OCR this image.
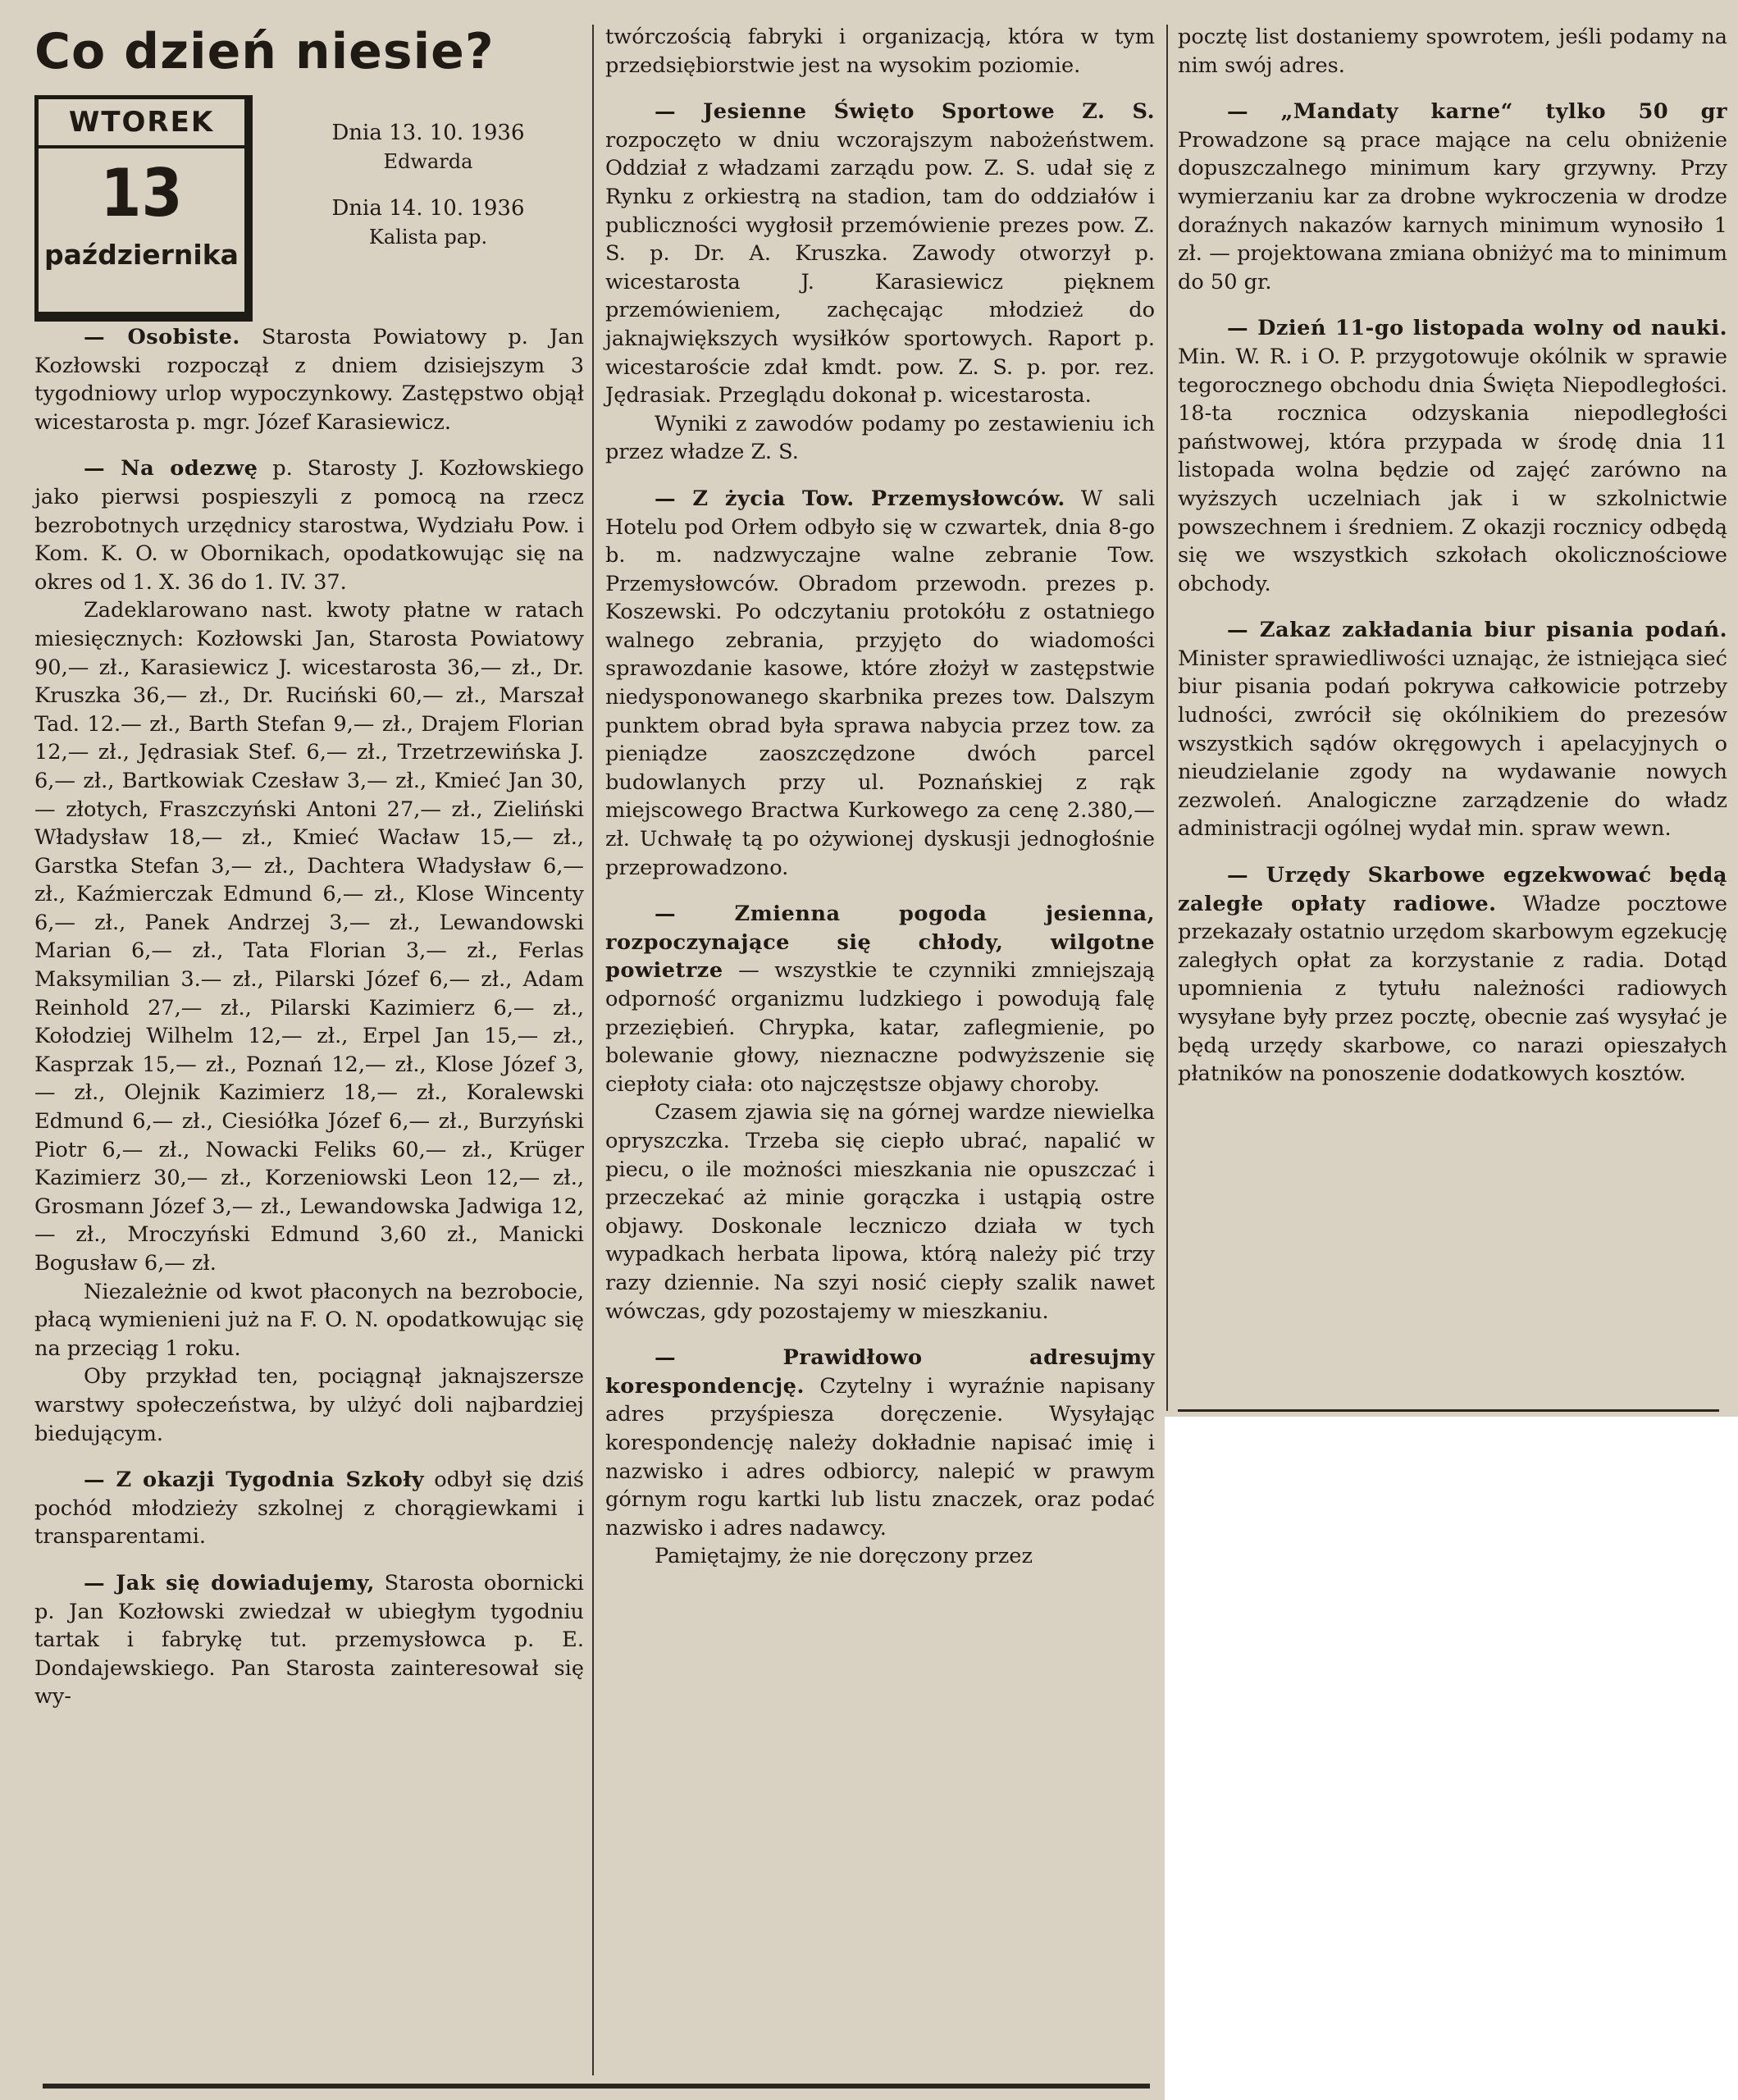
Co dzień niesie?
WTOREK
13
października
Dnia 13. 10. 1936
Edwarda
Dnia 14. 10. 1936
Kalista pap.

— Osobiste. Starosta Powiatowy p. Jan Kozłowski rozpoczął z dniem dzisiejszym 3 tygodniowy urlop wypoczynkowy. Zastępstwo objął wicestarosta p. mgr. Józef Karasiewicz.

— Na odezwę p. Starosty J. Kozłowskiego jako pierwsi pospieszyli z pomocą na rzecz bezrobotnych urzędnicy starostwa, Wydziału Pow. i Kom. K. O. w Obornikach, opodatkowując się na okres od 1. X. 36 do 1. IV. 37.

Zadeklarowano nast. kwoty płatne w ratach miesięcznych: Kozłowski Jan, Starosta Powiatowy 90,— zł., Karasiewicz J. wicestarosta 36,— zł., Dr. Kruszka 36,— zł., Dr. Ruciński 60,— zł., Marszał Tad. 12.— zł., Barth Stefan 9,— zł., Drajem Florian 12,— zł., Jędrasiak Stef. 6,— zł., Trzetrzewińska J. 6,— zł., Bartkowiak Czesław 3,— zł., Kmieć Jan 30,— złotych, Fraszczyński Antoni 27,— zł., Zieliński Władysław 18,— zł., Kmieć Wacław 15,— zł., Garstka Stefan 3,— zł., Dachtera Władysław 6,— zł., Kaźmierczak Edmund 6,— zł., Klose Wincenty 6,— zł., Panek Andrzej 3,— zł., Lewandowski Marian 6,— zł., Tata Florian 3,— zł., Ferlas Maksymilian 3.— zł., Pilarski Józef 6,— zł., Adam Reinhold 27,— zł., Pilarski Kazimierz 6,— zł., Kołodziej Wilhelm 12,— zł., Erpel Jan 15,— zł., Kasprzak 15,— zł., Poznań 12,— zł., Klose Józef 3,— zł., Olejnik Kazimierz 18,— zł., Koralewski Edmund 6,— zł., Ciesiółka Józef 6,— zł., Burzyński Piotr 6,— zł., Nowacki Feliks 60,— zł., Krüger Kazimierz 30,— zł., Korzeniowski Leon 12,— zł., Grosmann Józef 3,— zł., Lewandowska Jadwiga 12,— zł., Mroczyński Edmund 3,60 zł., Manicki Bogusław 6,— zł.

Niezależnie od kwot płaconych na bezrobocie, płacą wymienieni już na F. O. N. opodatkowując się na przeciąg 1 roku.

Oby przykład ten, pociągnął jaknajszersze warstwy społeczeństwa, by ulżyć doli najbardziej biedującym.

— Z okazji Tygodnia Szkoły odbył się dziś pochód młodzieży szkolnej z chorągiewkami i transparentami.

— Jak się dowiadujemy, Starosta obornicki p. Jan Kozłowski zwiedzał w ubiegłym tygodniu tartak i fabrykę tut. przemysłowca p. E. Dondajewskiego. Pan Starosta zainteresował się wy-

twórczością fabryki i organizacją, która w tym przedsiębiorstwie jest na wysokim poziomie.

— Jesienne Święto Sportowe Z. S. rozpoczęto w dniu wczorajszym nabożeństwem. Oddział z władzami zarządu pow. Z. S. udał się z Rynku z orkiestrą na stadion, tam do oddziałów i publiczności wygłosił przemówienie prezes pow. Z. S. p. Dr. A. Kruszka. Zawody otworzył p. wicestarosta J. Karasiewicz pięknem przemówieniem, zachęcając młodzież do jaknajwiększych wysiłków sportowych. Raport p. wicestaroście zdał kmdt. pow. Z. S. p. por. rez. Jędrasiak. Przeglądu dokonał p. wicestarosta.

Wyniki z zawodów podamy po zestawieniu ich przez władze Z. S.

— Z życia Tow. Przemysłowców. W sali Hotelu pod Orłem odbyło się w czwartek, dnia 8-go b. m. nadzwyczajne walne zebranie Tow. Przemysłowców. Obradom przewodn. prezes p. Koszewski. Po odczytaniu protokółu z ostatniego walnego zebrania, przyjęto do wiadomości sprawozdanie kasowe, które złożył w zastępstwie niedysponowanego skarbnika prezes tow. Dalszym punktem obrad była sprawa nabycia przez tow. za pieniądze zaoszczędzone dwóch parcel budowlanych przy ul. Poznańskiej z rąk miejscowego Bractwa Kurkowego za cenę 2.380,— zł. Uchwałę tą po ożywionej dyskusji jednogłośnie przeprowadzono.

— Zmienna pogoda jesienna, rozpoczynające się chłody, wilgotne powietrze — wszystkie te czynniki zmniejszają odporność organizmu ludzkiego i powodują falę przeziębień. Chrypka, katar, zaflegmienie, po bolewanie głowy, nieznaczne podwyższenie się ciepłoty ciała: oto najczęstsze objawy choroby.

Czasem zjawia się na górnej wardze niewielka opryszczka. Trzeba się ciepło ubrać, napalić w piecu, o ile możności mieszkania nie opuszczać i przeczekać aż minie gorączka i ustąpią ostre objawy. Doskonale leczniczo działa w tych wypadkach herbata lipowa, którą należy pić trzy razy dziennie. Na szyi nosić ciepły szalik nawet wówczas, gdy pozostajemy w mieszkaniu.

— Prawidłowo adresujmy korespondencję. Czytelny i wyraźnie napisany adres przyśpiesza doręczenie. Wysyłając korespondencję należy dokładnie napisać imię i nazwisko i adres odbiorcy, nalepić w prawym górnym rogu kartki lub listu znaczek, oraz podać nazwisko i adres nadawcy.

Pamiętajmy, że nie doręczony przez

pocztę list dostaniemy spowrotem, jeśli podamy na nim swój adres.

— „Mandaty karne“ tylko 50 gr Prowadzone są prace mające na celu obniżenie dopuszczalnego minimum kary grzywny. Przy wymierzaniu kar za drobne wykroczenia w drodze doraźnych nakazów karnych minimum wynosiło 1 zł. — projektowana zmiana obniżyć ma to minimum do 50 gr.

— Dzień 11-go listopada wolny od nauki. Min. W. R. i O. P. przygotowuje okólnik w sprawie tegorocznego obchodu dnia Święta Niepodległości. 18-ta rocznica odzyskania niepodległości państwowej, która przypada w środę dnia 11 listopada wolna będzie od zajęć zarówno na wyższych uczelniach jak i w szkolnictwie powszechnem i średniem. Z okazji rocznicy odbędą się we wszystkich szkołach okolicznościowe obchody.

— Zakaz zakładania biur pisania podań. Minister sprawiedliwości uznając, że istniejąca sieć biur pisania podań pokrywa całkowicie potrzeby ludności, zwrócił się okólnikiem do prezesów wszystkich sądów okręgowych i apelacyjnych o nieudzielanie zgody na wydawanie nowych zezwoleń. Analogiczne zarządzenie do władz administracji ogólnej wydał min. spraw wewn.

— Urzędy Skarbowe egzekwować będą zaległe opłaty radiowe. Władze pocztowe przekazały ostatnio urzędom skarbowym egzekucję zaległych opłat za korzystanie z radia. Dotąd upomnienia z tytułu należności radiowych wysyłane były przez pocztę, obecnie zaś wysyłać je będą urzędy skarbowe, co narazi opieszałych płatników na ponoszenie dodatkowych kosztów.
